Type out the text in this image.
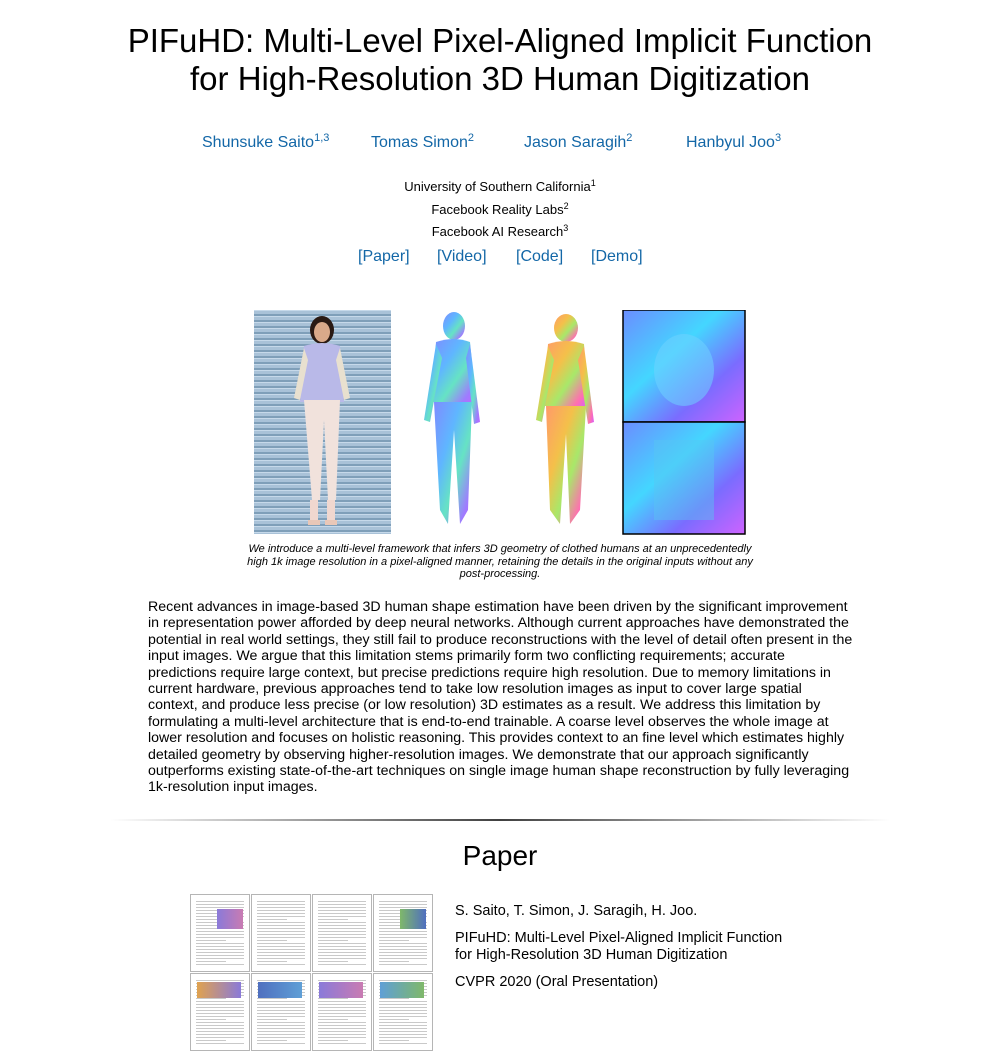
PIFuHD: Multi-Level Pixel-Aligned Implicit Function
for High-Resolution 3D Human Digitization
Shunsuke Saito$^{1,3}$	Tomas Simon$^2$	Jason Saragih$^2$	Hanbyul Joo$^3$
University of Southern California$^1$
Facebook Reality Labs$^2$
Facebook AI Research$^3$
[Paper] [Video] [Code] [Demo]
We introduce a multi-level framework that infers 3D geometry of clothed humans at an unprecedentedly high 1k image resolution in a pixel-aligned manner, retaining the details in the original inputs without any post-processing.

Recent advances in image-based 3D human shape estimation have been driven by the significant improvement in representation power afforded by deep neural networks. Although current approaches have demonstrated the potential in real world settings, they still fail to produce reconstructions with the level of detail often present in the input images. We argue that this limitation stems primarily form two conflicting requirements; accurate predictions require large context, but precise predictions require high resolution. Due to memory limitations in current hardware, previous approaches tend to take low resolution images as input to cover large spatial context, and produce less precise (or low resolution) 3D estimates as a result. We address this limitation by formulating a multi-level architecture that is end-to-end trainable. A coarse level observes the whole image at lower resolution and focuses on holistic reasoning. This provides context to an fine level which estimates highly detailed geometry by observing higher-resolution images. We demonstrate that our approach significantly outperforms existing state-of-the-art techniques on single image human shape reconstruction by fully leveraging 1k-resolution input images.

Paper

S. Saito, T. Simon, J. Saragih, H. Joo.

PIFuHD: Multi-Level Pixel-Aligned Implicit Function
for High-Resolution 3D Human Digitization

CVPR 2020 (Oral Presentation)
